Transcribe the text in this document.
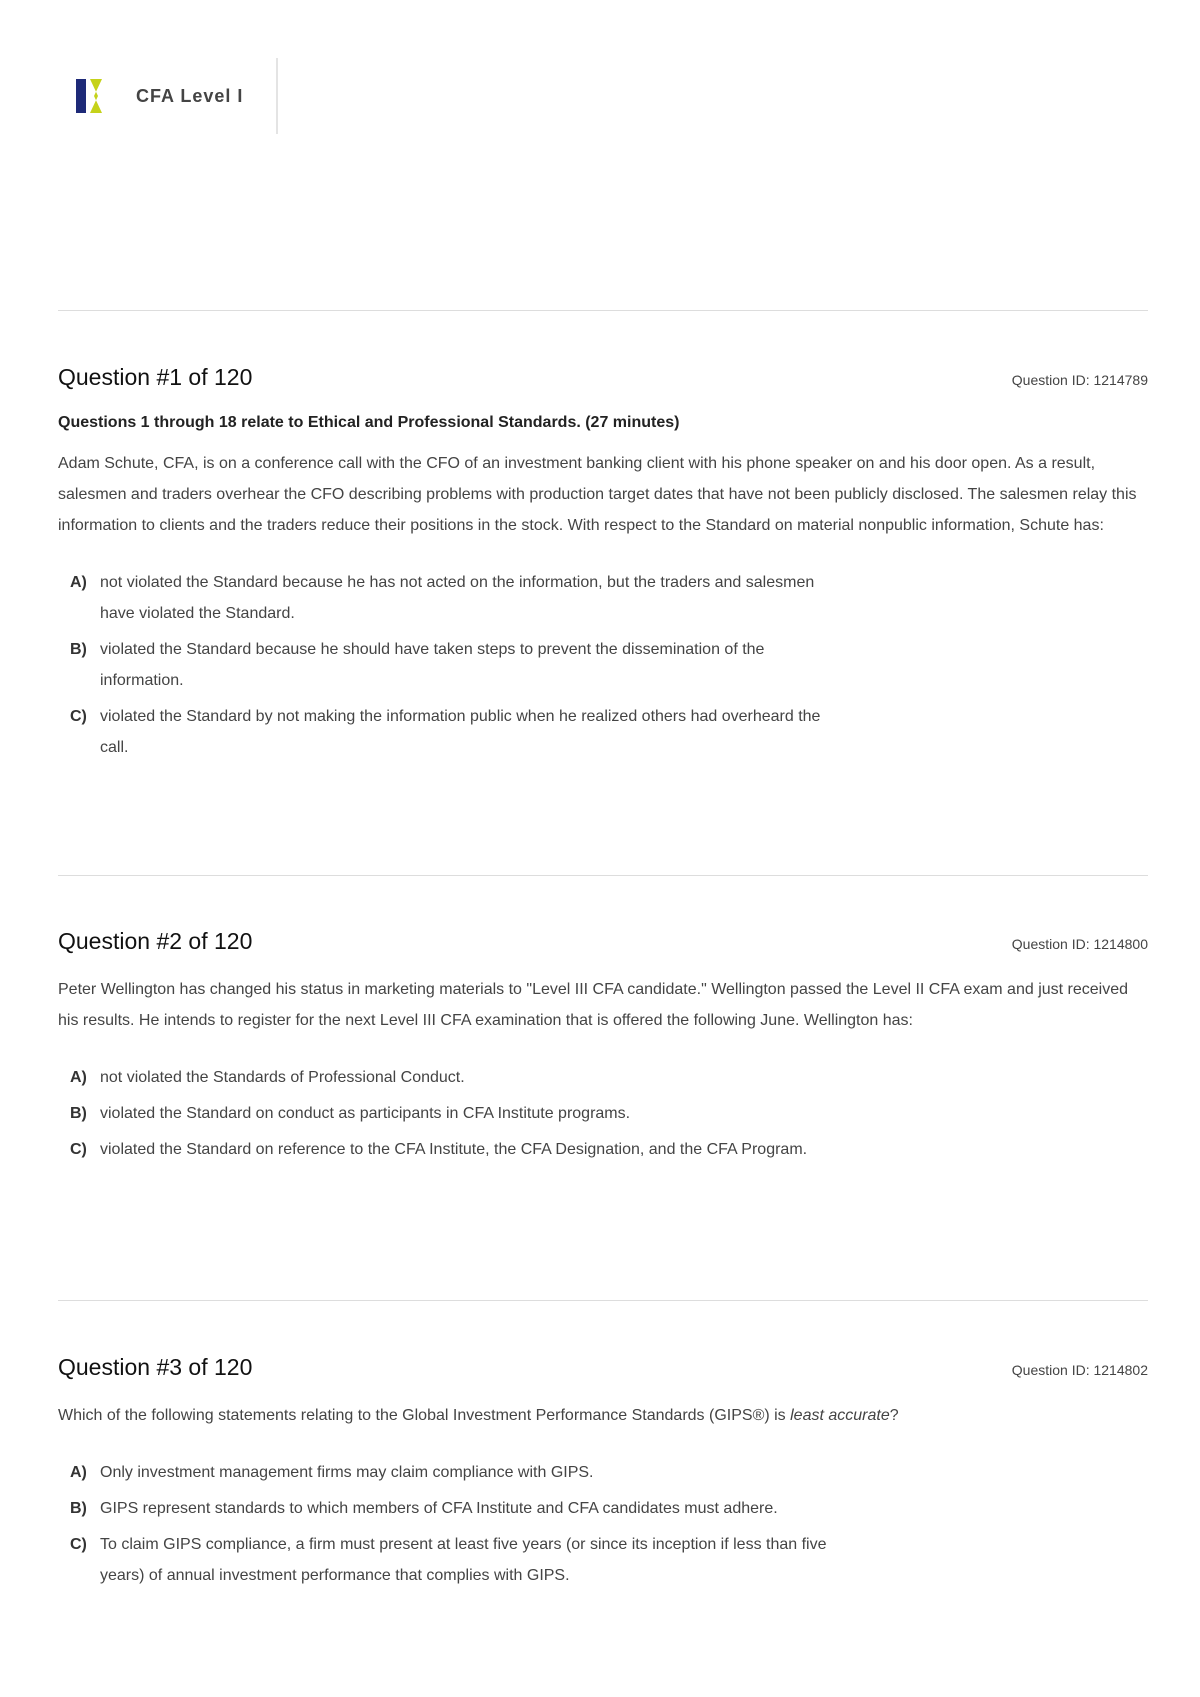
CFA Level I
Question #1 of 120	Question ID: 1214789

Questions 1 through 18 relate to Ethical and Professional Standards. (27 minutes)

Adam Schute, CFA, is on a conference call with the CFO of an investment banking client with his phone speaker on and his door open. As a result, salesmen and traders overhear the CFO describing problems with production target dates that have not been publicly disclosed. The salesmen relay this information to clients and the traders reduce their positions in the stock. With respect to the Standard on material nonpublic information, Schute has:

A) not violated the Standard because he has not acted on the information, but the traders and salesmen have violated the Standard.
B) violated the Standard because he should have taken steps to prevent the dissemination of the information.
C) violated the Standard by not making the information public when he realized others had overheard the call.
Question #2 of 120	Question ID: 1214800

Peter Wellington has changed his status in marketing materials to "Level III CFA candidate." Wellington passed the Level II CFA exam and just received his results. He intends to register for the next Level III CFA examination that is offered the following June. Wellington has:

A) not violated the Standards of Professional Conduct.
B) violated the Standard on conduct as participants in CFA Institute programs.
C) violated the Standard on reference to the CFA Institute, the CFA Designation, and the CFA Program.
Question #3 of 120	Question ID: 1214802

Which of the following statements relating to the Global Investment Performance Standards (GIPS®) is least accurate?

A) Only investment management firms may claim compliance with GIPS.
B) GIPS represent standards to which members of CFA Institute and CFA candidates must adhere.
C) To claim GIPS compliance, a firm must present at least five years (or since its inception if less than five years) of annual investment performance that complies with GIPS.
